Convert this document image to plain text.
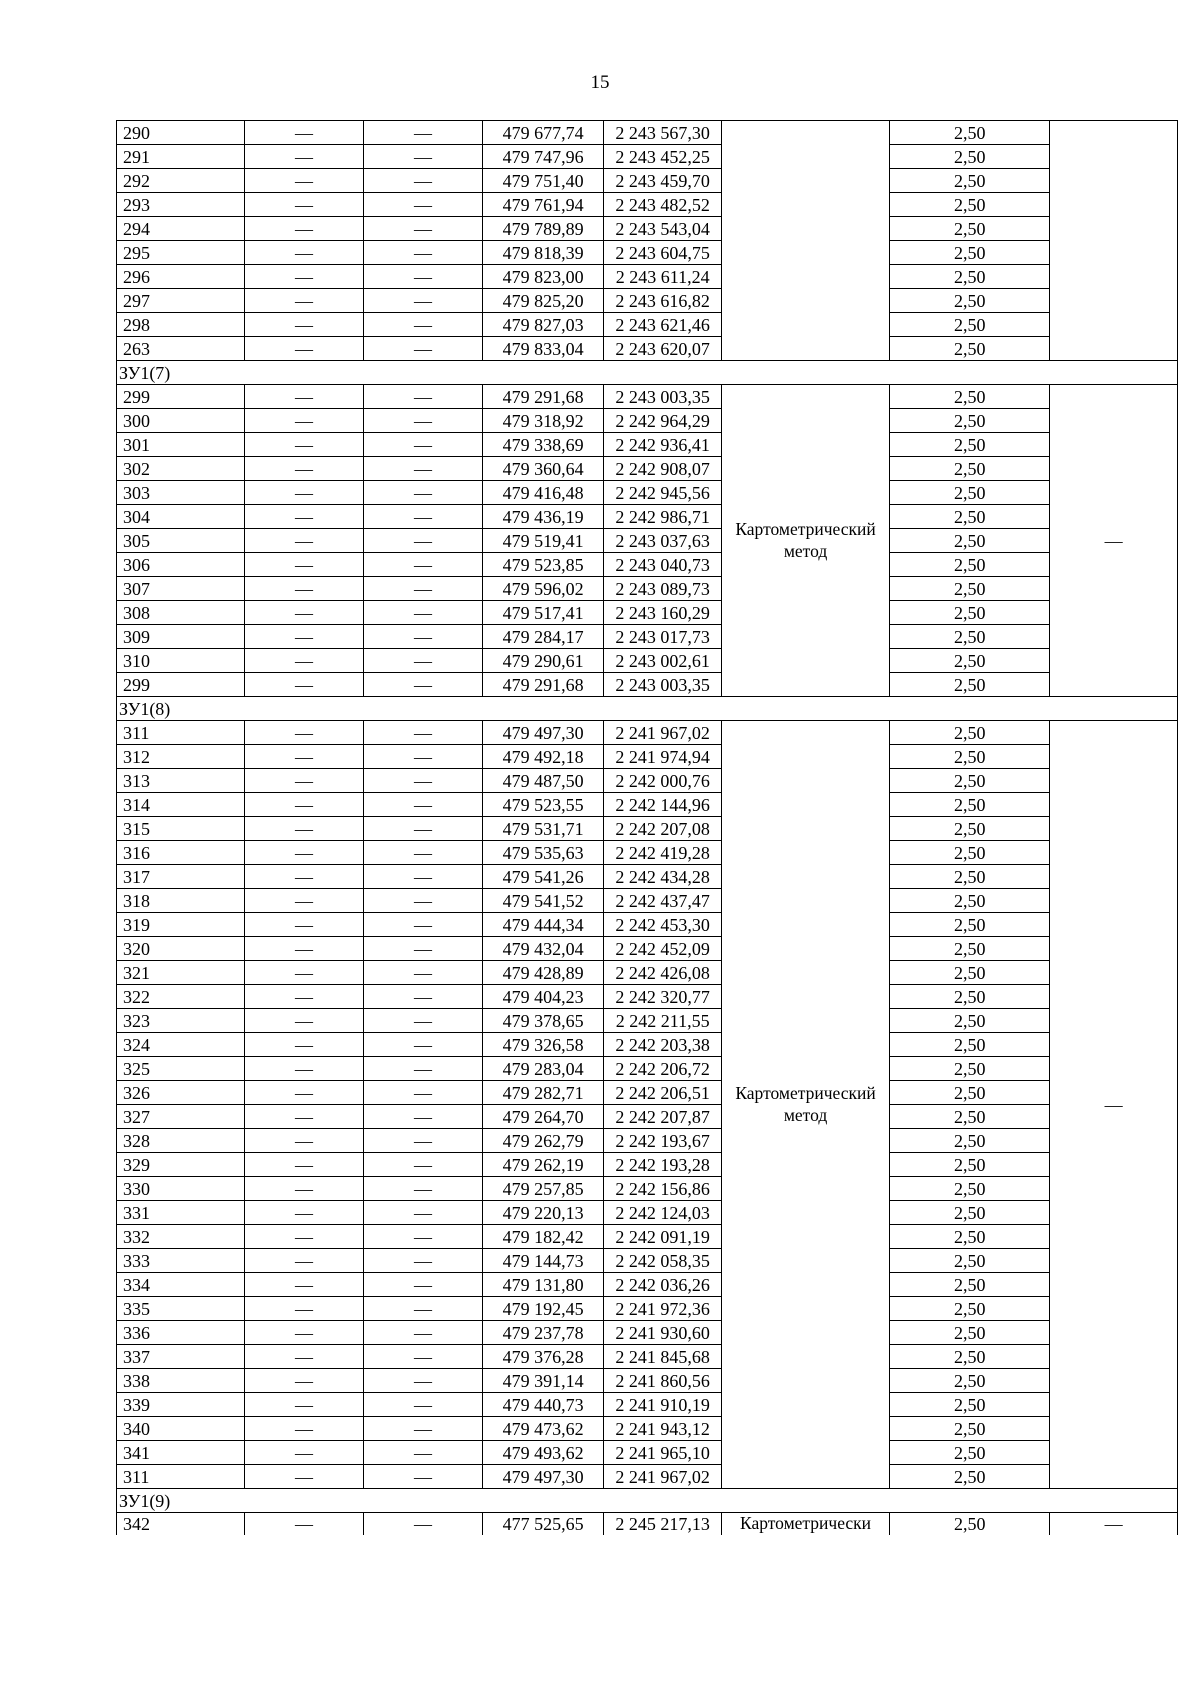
15
290	—	—	479 677,74	2 243 567,30		2,50	
291	—	—	479 747,96	2 243 452,25		2,50	
292	—	—	479 751,40	2 243 459,70		2,50	
293	—	—	479 761,94	2 243 482,52		2,50	
294	—	—	479 789,89	2 243 543,04		2,50	
295	—	—	479 818,39	2 243 604,75		2,50	
296	—	—	479 823,00	2 243 611,24		2,50	
297	—	—	479 825,20	2 243 616,82		2,50	
298	—	—	479 827,03	2 243 621,46		2,50	
263	—	—	479 833,04	2 243 620,07		2,50	
ЗУ1(7)							
299	—	—	479 291,68	2 243 003,35	Картометрический метод	2,50	—
300	—	—	479 318,92	2 242 964,29		2,50	
301	—	—	479 338,69	2 242 936,41		2,50	
302	—	—	479 360,64	2 242 908,07		2,50	
303	—	—	479 416,48	2 242 945,56		2,50	
304	—	—	479 436,19	2 242 986,71		2,50	
305	—	—	479 519,41	2 243 037,63		2,50	
306	—	—	479 523,85	2 243 040,73		2,50	
307	—	—	479 596,02	2 243 089,73		2,50	
308	—	—	479 517,41	2 243 160,29		2,50	
309	—	—	479 284,17	2 243 017,73		2,50	
310	—	—	479 290,61	2 243 002,61		2,50	
299	—	—	479 291,68	2 243 003,35		2,50	
ЗУ1(8)							
311	—	—	479 497,30	2 241 967,02	Картометрический метод	2,50	—
312	—	—	479 492,18	2 241 974,94		2,50	
313	—	—	479 487,50	2 242 000,76		2,50	
314	—	—	479 523,55	2 242 144,96		2,50	
315	—	—	479 531,71	2 242 207,08		2,50	
316	—	—	479 535,63	2 242 419,28		2,50	
317	—	—	479 541,26	2 242 434,28		2,50	
318	—	—	479 541,52	2 242 437,47		2,50	
319	—	—	479 444,34	2 242 453,30		2,50	
320	—	—	479 432,04	2 242 452,09		2,50	
321	—	—	479 428,89	2 242 426,08		2,50	
322	—	—	479 404,23	2 242 320,77		2,50	
323	—	—	479 378,65	2 242 211,55		2,50	
324	—	—	479 326,58	2 242 203,38		2,50	
325	—	—	479 283,04	2 242 206,72		2,50	
326	—	—	479 282,71	2 242 206,51		2,50	
327	—	—	479 264,70	2 242 207,87		2,50	
328	—	—	479 262,79	2 242 193,67		2,50	
329	—	—	479 262,19	2 242 193,28		2,50	
330	—	—	479 257,85	2 242 156,86		2,50	
331	—	—	479 220,13	2 242 124,03		2,50	
332	—	—	479 182,42	2 242 091,19		2,50	
333	—	—	479 144,73	2 242 058,35		2,50	
334	—	—	479 131,80	2 242 036,26		2,50	
335	—	—	479 192,45	2 241 972,36		2,50	
336	—	—	479 237,78	2 241 930,60		2,50	
337	—	—	479 376,28	2 241 845,68		2,50	
338	—	—	479 391,14	2 241 860,56		2,50	
339	—	—	479 440,73	2 241 910,19		2,50	
340	—	—	479 473,62	2 241 943,12		2,50	
341	—	—	479 493,62	2 241 965,10		2,50	
311	—	—	479 497,30	2 241 967,02		2,50	
ЗУ1(9)							
342	—	—	477 525,65	2 245 217,13	Картометрически	2,50	—
